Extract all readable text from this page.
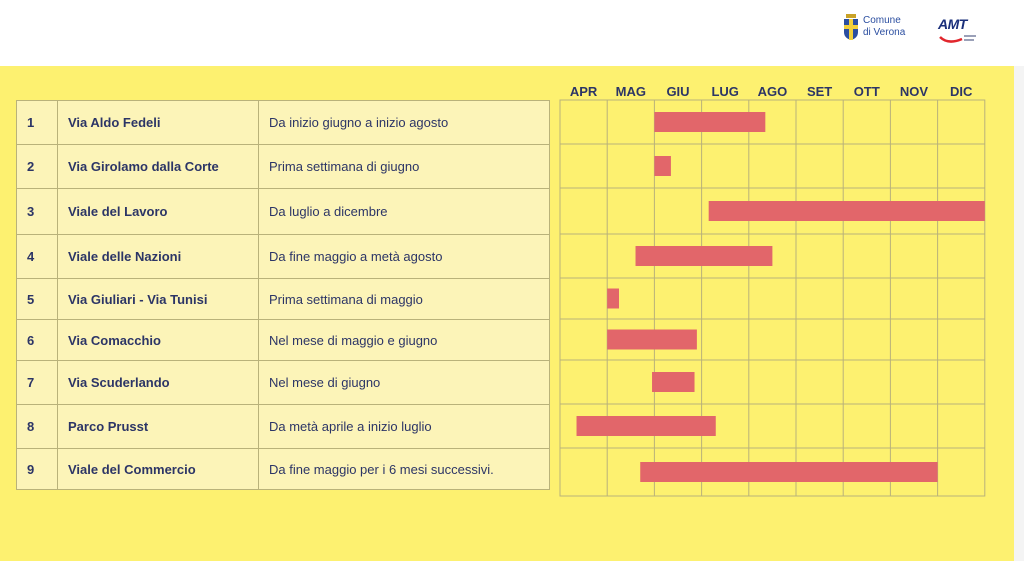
Comune
di Verona
AMT
1	Via Aldo Fedeli	Da inizio giugno a inizio agosto
2	Via Girolamo dalla Corte	Prima settimana di giugno
3	Viale del Lavoro	Da luglio a dicembre
4	Viale delle Nazioni	Da fine maggio a metà agosto
5	Via Giuliari - Via Tunisi	Prima settimana di maggio
6	Via Comacchio	Nel mese di maggio e giugno
7	Via Scuderlando	Nel mese di giugno
8	Parco Prusst	Da metà aprile a inizio luglio
9	Viale del Commercio	Da fine maggio per i 6 mesi successivi.
APR MAG GIU LUG AGO SET OTT NOV DIC
